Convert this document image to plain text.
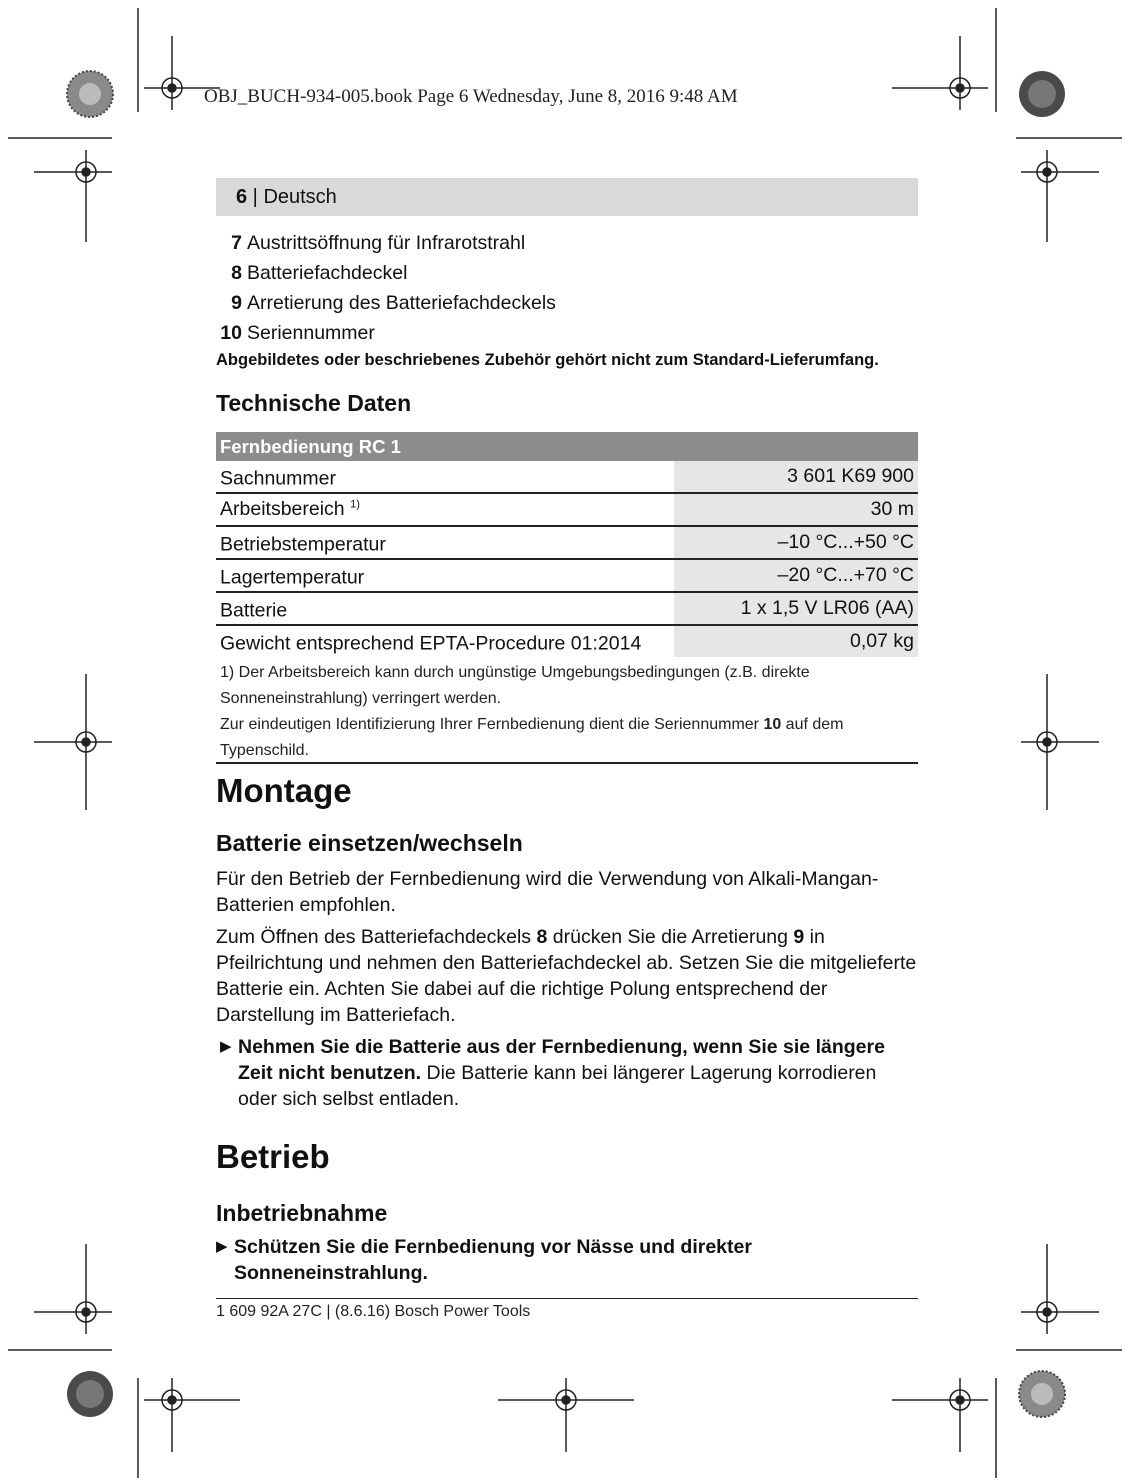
OBJ_BUCH-934-005.book Page 6 Wednesday, June 8, 2016 9:48 AM
6 | Deutsch
7 Austrittsöffnung für Infrarotstrahl
8 Batteriefachdeckel
9 Arretierung des Batteriefachdeckels
10 Seriennummer
Abgebildetes oder beschriebenes Zubehör gehört nicht zum Standard-Lieferumfang.
Technische Daten
Fernbedienung RC 1	
Sachnummer	3 601 K69 900
Arbeitsbereich $^{1)}$	30 m
Betriebstemperatur	–10 °C...+50 °C
Lagertemperatur	–20 °C...+70 °C
Batterie	1 x 1,5 V LR06 (AA)
Gewicht entsprechend EPTA-Procedure 01:2014	0,07 kg
1) Der Arbeitsbereich kann durch ungünstige Umgebungsbedingungen (z.B. direkte Sonneneinstrahlung) verringert werden.
Zur eindeutigen Identifizierung Ihrer Fernbedienung dient die Seriennummer 10 auf dem Typenschild.
Montage
Batterie einsetzen/wechseln
Für den Betrieb der Fernbedienung wird die Verwendung von Alkali-Mangan-Batterien empfohlen.
Zum Öffnen des Batteriefachdeckels 8 drücken Sie die Arretierung 9 in Pfeilrichtung und nehmen den Batteriefachdeckel ab. Setzen Sie die mitgelieferte Batterie ein. Achten Sie dabei auf die richtige Polung entsprechend der Darstellung im Batteriefach.
▶ Nehmen Sie die Batterie aus der Fernbedienung, wenn Sie sie längere Zeit nicht benutzen. Die Batterie kann bei längerer Lagerung korrodieren oder sich selbst entladen.
Betrieb
Inbetriebnahme
▶ Schützen Sie die Fernbedienung vor Nässe und direkter Sonneneinstrahlung.
1 609 92A 27C | (8.6.16) Bosch Power Tools
